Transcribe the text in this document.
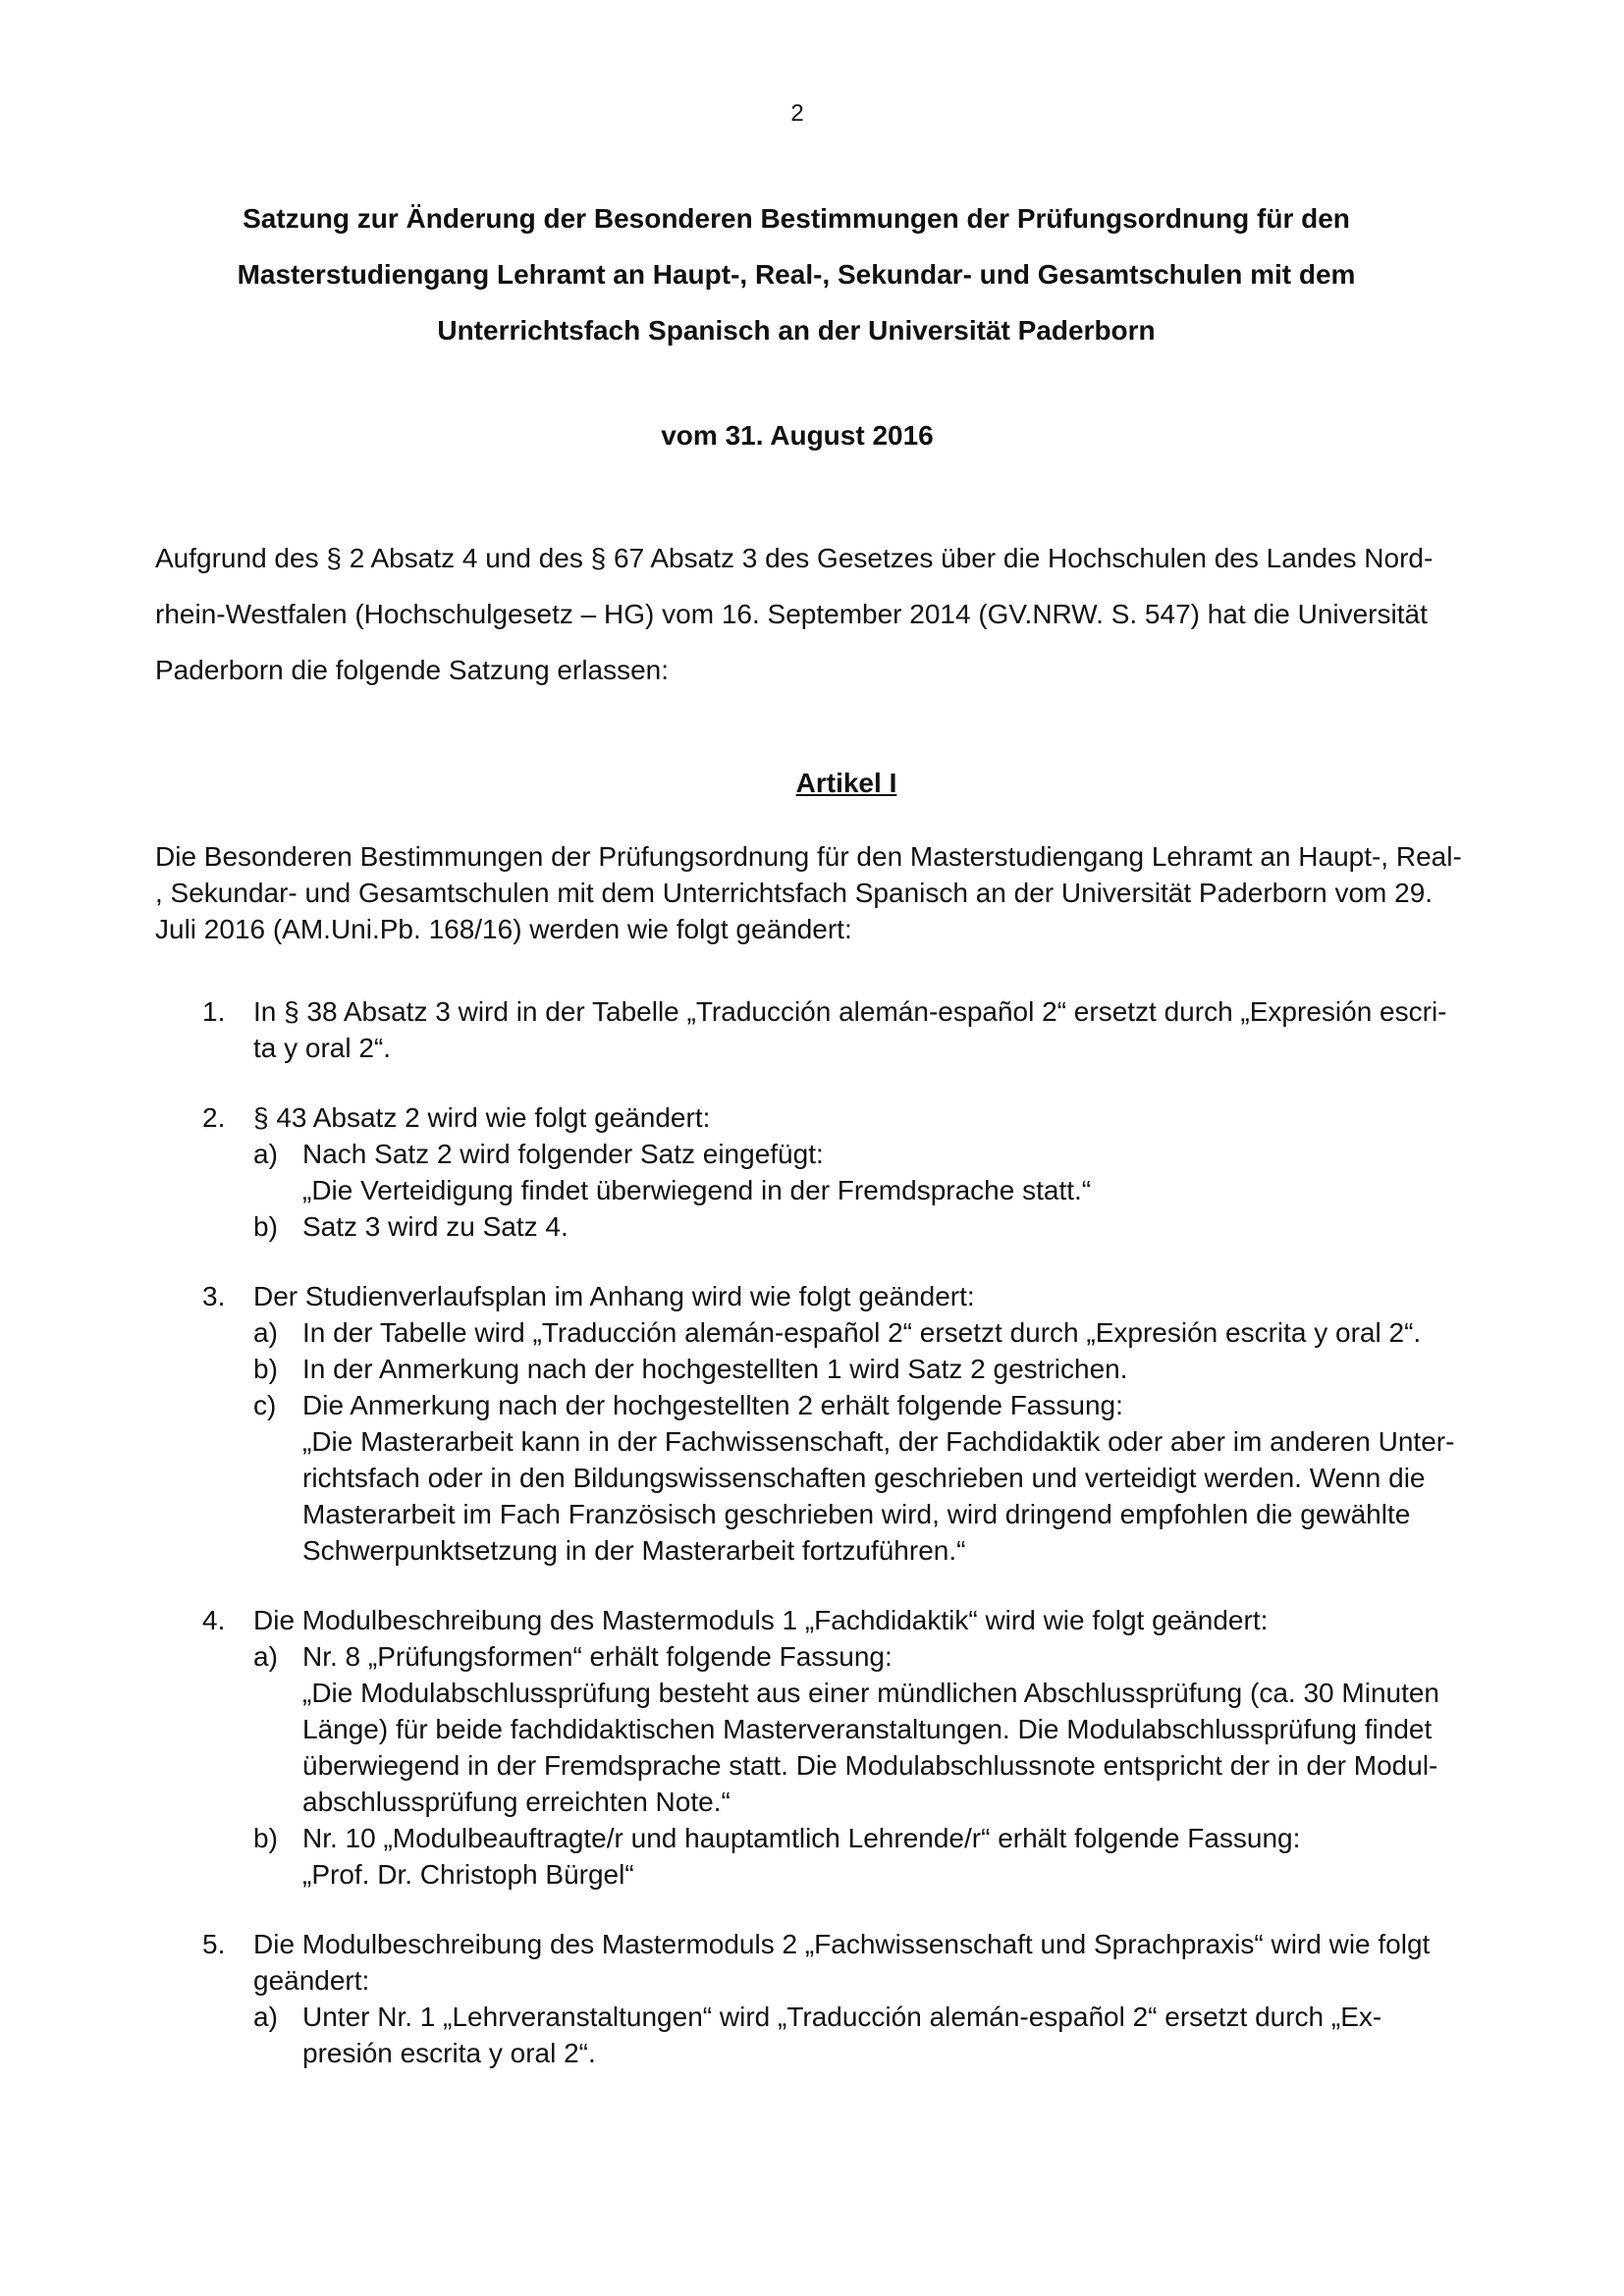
2
Satzung zur Änderung der Besonderen Bestimmungen der Prüfungsordnung für den
Masterstudiengang Lehramt an Haupt-, Real-, Sekundar- und Gesamtschulen mit dem
Unterrichtsfach Spanisch an der Universität Paderborn
vom 31. August 2016
Aufgrund des § 2 Absatz 4 und des § 67 Absatz 3 des Gesetzes über die Hochschulen des Landes Nord-
rhein-Westfalen (Hochschulgesetz – HG) vom 16. September 2014 (GV.NRW. S. 547) hat die Universität
Paderborn die folgende Satzung erlassen:
Artikel I
Die Besonderen Bestimmungen der Prüfungsordnung für den Masterstudiengang Lehramt an Haupt-, Real-
, Sekundar- und Gesamtschulen mit dem Unterrichtsfach Spanisch an der Universität Paderborn vom 29.
Juli 2016 (AM.Uni.Pb. 168/16) werden wie folgt geändert:
1. In § 38 Absatz 3 wird in der Tabelle „Traducción alemán-español 2“ ersetzt durch „Expresión escri-
ta y oral 2“.
2. § 43 Absatz 2 wird wie folgt geändert:
a) Nach Satz 2 wird folgender Satz eingefügt:
„Die Verteidigung findet überwiegend in der Fremdsprache statt.“
b) Satz 3 wird zu Satz 4.
3. Der Studienverlaufsplan im Anhang wird wie folgt geändert:
a) In der Tabelle wird „Traducción alemán-español 2“ ersetzt durch „Expresión escrita y oral 2“.
b) In der Anmerkung nach der hochgestellten 1 wird Satz 2 gestrichen.
c) Die Anmerkung nach der hochgestellten 2 erhält folgende Fassung:
„Die Masterarbeit kann in der Fachwissenschaft, der Fachdidaktik oder aber im anderen Unter-
richtsfach oder in den Bildungswissenschaften geschrieben und verteidigt werden. Wenn die
Masterarbeit im Fach Französisch geschrieben wird, wird dringend empfohlen die gewählte
Schwerpunktsetzung in der Masterarbeit fortzuführen.“
4. Die Modulbeschreibung des Mastermoduls 1 „Fachdidaktik“ wird wie folgt geändert:
a) Nr. 8 „Prüfungsformen“ erhält folgende Fassung:
„Die Modulabschlussprüfung besteht aus einer mündlichen Abschlussprüfung (ca. 30 Minuten
Länge) für beide fachdidaktischen Masterveranstaltungen. Die Modulabschlussprüfung findet
überwiegend in der Fremdsprache statt. Die Modulabschlussnote entspricht der in der Modul-
abschlussprüfung erreichten Note.“
b) Nr. 10 „Modulbeauftragte/r und hauptamtlich Lehrende/r“ erhält folgende Fassung:
„Prof. Dr. Christoph Bürgel“
5. Die Modulbeschreibung des Mastermoduls 2 „Fachwissenschaft und Sprachpraxis“ wird wie folgt
geändert:
a) Unter Nr. 1 „Lehrveranstaltungen“ wird „Traducción alemán-español 2“ ersetzt durch „Ex-
presión escrita y oral 2“.
